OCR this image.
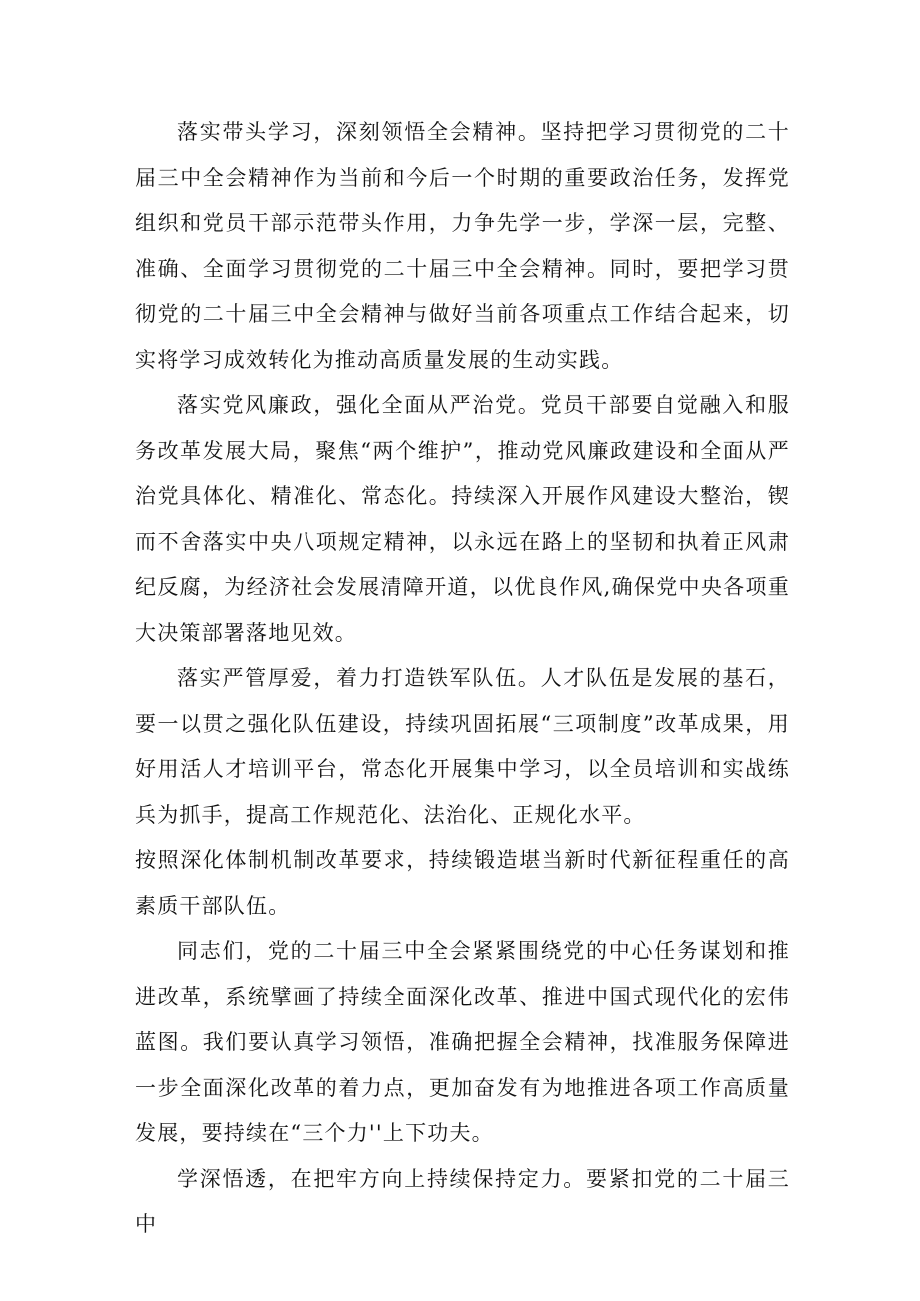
落实带头学习，深刻领悟全会精神。坚持把学习贯彻党的二十届三中全会精神作为当前和今后一个时期的重要政治任务，发挥党组织和党员干部示范带头作用，力争先学一步，学深一层，完整、准确、全面学习贯彻党的二十届三中全会精神。同时，要把学习贯彻党的二十届三中全会精神与做好当前各项重点工作结合起来，切实将学习成效转化为推动高质量发展的生动实践。

落实党风廉政，强化全面从严治党。党员干部要自觉融入和服务改革发展大局，聚焦“两个维护”，推动党风廉政建设和全面从严治党具体化、精准化、常态化。持续深入开展作风建设大整治，锲而不舍落实中央八项规定精神，以永远在路上的坚韧和执着正风肃纪反腐，为经济社会发展清障开道，以优良作风,确保党中央各项重大决策部署落地见效。

落实严管厚爱，着力打造铁军队伍。人才队伍是发展的基石，要一以贯之强化队伍建设，持续巩固拓展“三项制度”改革成果，用好用活人才培训平台，常态化开展集中学习，以全员培训和实战练兵为抓手，提高工作规范化、法治化、正规化水平。

按照深化体制机制改革要求，持续锻造堪当新时代新征程重任的高素质干部队伍。

同志们，党的二十届三中全会紧紧围绕党的中心任务谋划和推进改革，系统擘画了持续全面深化改革、推进中国式现代化的宏伟蓝图。我们要认真学习领悟，准确把握全会精神，找准服务保障进一步全面深化改革的着力点，更加奋发有为地推进各项工作高质量发展，要持续在“三个力''上下功夫。

学深悟透，在把牢方向上持续保持定力。要紧扣党的二十届三中
